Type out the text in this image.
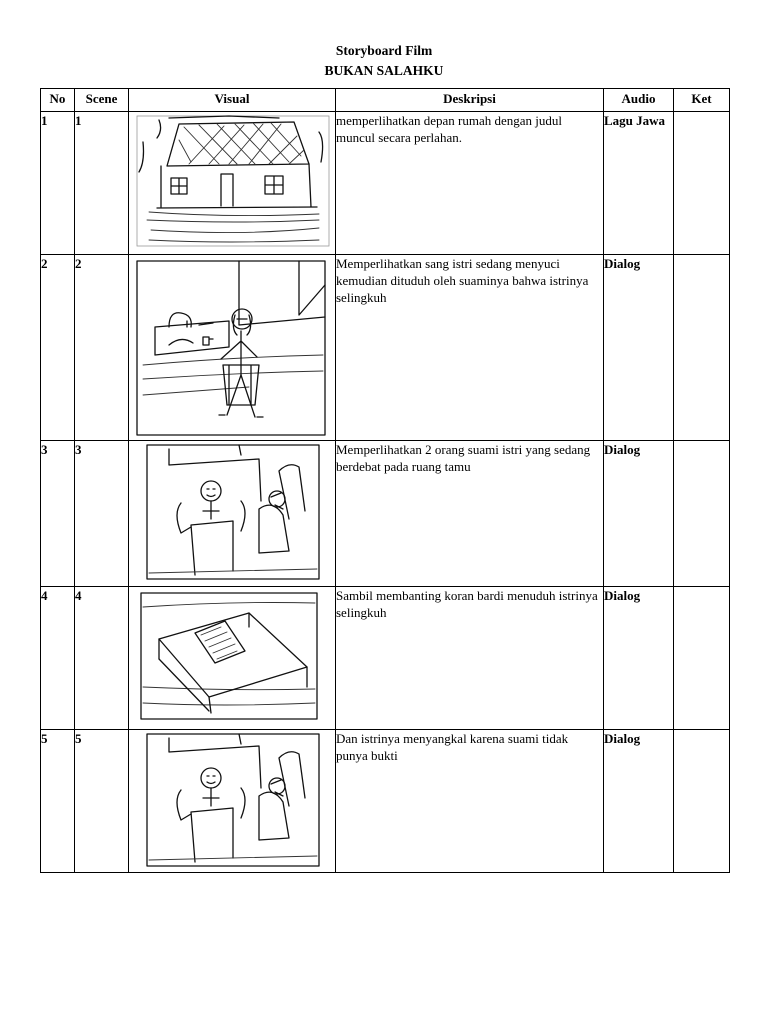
Storyboard Film
BUKAN SALAHKU
No	Scene	Visual	Deskripsi	Audio	Ket
1	1		memperlihatkan depan rumah dengan judul muncul secara perlahan.	Lagu Jawa	
2	2		Memperlihatkan sang istri sedang menyuci kemudian dituduh oleh suaminya bahwa istrinya selingkuh	Dialog	
3	3		Memperlihatkan 2 orang suami istri yang sedang berdebat pada ruang tamu	Dialog	
4	4		Sambil membanting koran bardi menuduh istrinya selingkuh	Dialog	
5	5		Dan istrinya menyangkal karena suami tidak punya bukti	Dialog	
